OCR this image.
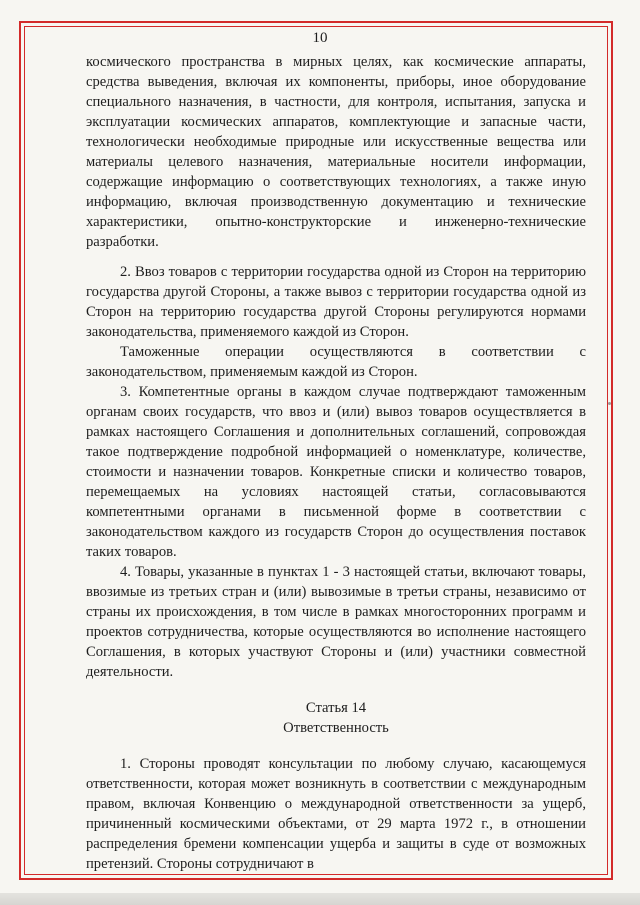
10

космического пространства в мирных целях, как космические аппараты, средства выведения, включая их компоненты, приборы, иное оборудование специального назначения, в частности, для контроля, испытания, запуска и эксплуатации космических аппаратов, комплектующие и запасные части, технологически необходимые природные или искусственные вещества или материалы целевого назначения, материальные носители информации, содержащие информацию о соответствующих технологиях, а также иную информацию, включая производственную документацию и технические характеристики, опытно-конструкторские и инженерно-технические разработки.

2. Ввоз товаров с территории государства одной из Сторон на территорию государства другой Стороны, а также вывоз с территории государства одной из Сторон на территорию государства другой Стороны регулируются нормами законодательства, применяемого каждой из Сторон.

Таможенные операции осуществляются в соответствии с законодательством, применяемым каждой из Сторон.

3. Компетентные органы в каждом случае подтверждают таможенным органам своих государств, что ввоз и (или) вывоз товаров осуществляется в рамках настоящего Соглашения и дополнительных соглашений, сопровождая такое подтверждение подробной информацией о номенклатуре, количестве, стоимости и назначении товаров. Конкретные списки и количество товаров, перемещаемых на условиях настоящей статьи, согласовываются компетентными органами в письменной форме в соответствии с законодательством каждого из государств Сторон до осуществления поставок таких товаров.

4. Товары, указанные в пунктах 1 - 3 настоящей статьи, включают товары, ввозимые из третьих стран и (или) вывозимые в третьи страны, независимо от страны их происхождения, в том числе в рамках многосторонних программ и проектов сотрудничества, которые осуществляются во исполнение настоящего Соглашения, в которых участвуют Стороны и (или) участники совместной деятельности.

Статья 14

Ответственность

1. Стороны проводят консультации по любому случаю, касающемуся ответственности, которая может возникнуть в соответствии с международным правом, включая Конвенцию о международной ответственности за ущерб, причиненный космическими объектами, от 29 марта 1972 г., в отношении распределения бремени компенсации ущерба и защиты в суде от возможных претензий. Стороны сотрудничают в
